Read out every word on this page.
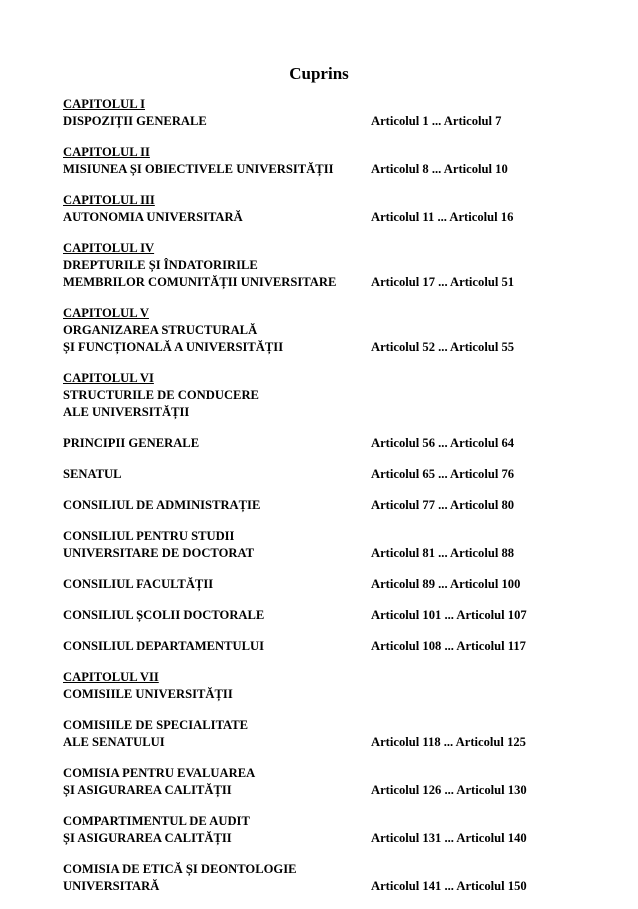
Cuprins
CAPITOLUL I
DISPOZIȚII GENERALE	Articolul 1 ... Articolul 7
CAPITOLUL II
MISIUNEA ȘI OBIECTIVELE UNIVERSITĂȚII	Articolul 8 ... Articolul 10
CAPITOLUL III
AUTONOMIA UNIVERSITARĂ	Articolul 11 ... Articolul 16
CAPITOLUL IV
DREPTURILE ȘI ÎNDATORIRILE
MEMBRILOR COMUNITĂȚII UNIVERSITARE	Articolul 17 ... Articolul 51
CAPITOLUL V
ORGANIZAREA STRUCTURALĂ
ȘI FUNCȚIONALĂ A UNIVERSITĂȚII	Articolul 52 ... Articolul 55
CAPITOLUL VI
STRUCTURILE DE CONDUCERE
ALE UNIVERSITĂȚII
PRINCIPII GENERALE	Articolul 56 ... Articolul 64
SENATUL	Articolul 65 ... Articolul 76
CONSILIUL DE ADMINISTRAȚIE	Articolul 77 ... Articolul 80
CONSILIUL PENTRU STUDII
UNIVERSITARE DE DOCTORAT	Articolul 81 ... Articolul 88
CONSILIUL FACULTĂȚII	Articolul 89 ... Articolul 100
CONSILIUL ȘCOLII DOCTORALE	Articolul 101 ... Articolul 107
CONSILIUL DEPARTAMENTULUI	Articolul 108 ... Articolul 117
CAPITOLUL VII
COMISIILE UNIVERSITĂȚII
COMISIILE DE SPECIALITATE
ALE SENATULUI	Articolul 118 ... Articolul 125
COMISIA PENTRU EVALUAREA
ȘI ASIGURAREA CALITĂȚII	Articolul 126 ... Articolul 130
COMPARTIMENTUL DE AUDIT
ȘI ASIGURAREA CALITĂȚII	Articolul 131 ... Articolul 140
COMISIA DE ETICĂ ȘI DEONTOLOGIE
UNIVERSITARĂ	Articolul 141 ... Articolul 150
